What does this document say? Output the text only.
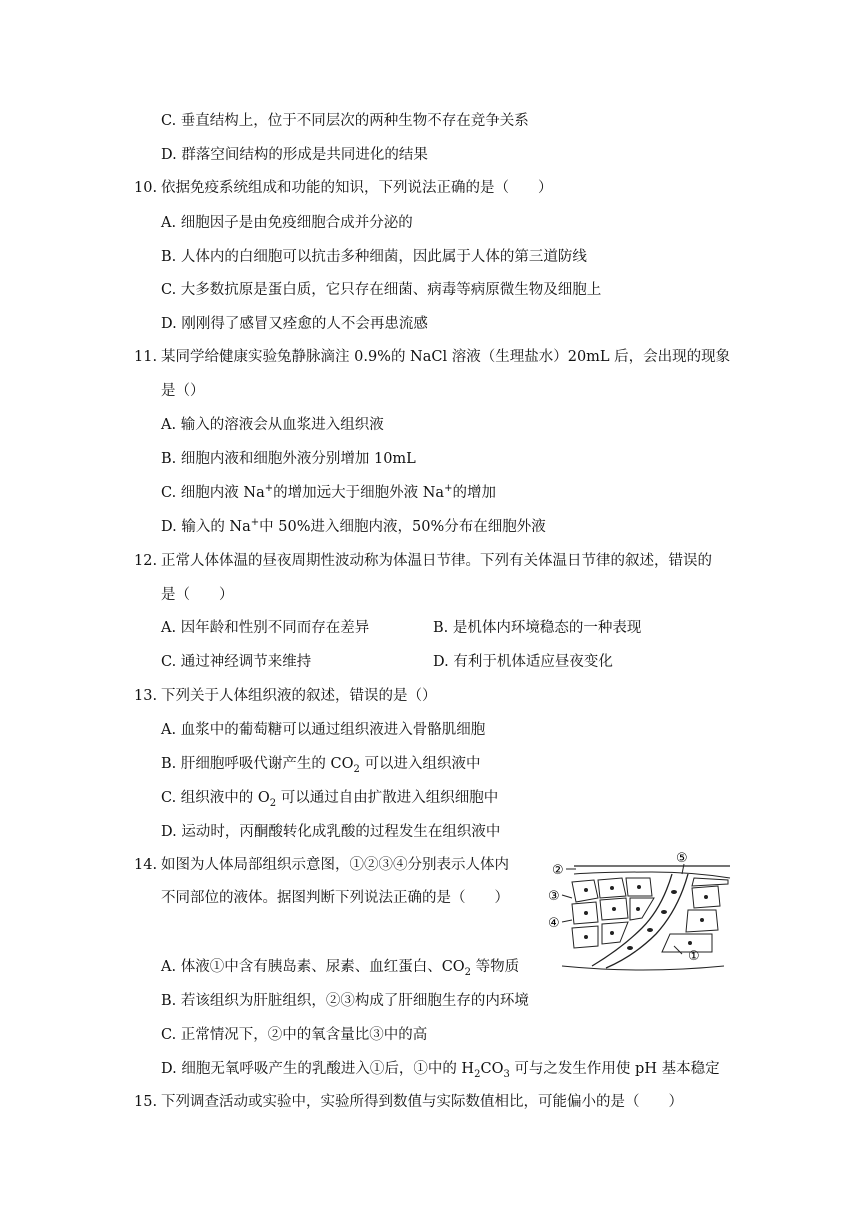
C. 垂直结构上，位于不同层次的两种生物不存在竞争关系
D. 群落空间结构的形成是共同进化的结果
10. 依据免疫系统组成和功能的知识，下列说法正确的是（　　）
A. 细胞因子是由免疫细胞合成并分泌的
B. 人体内的白细胞可以抗击多种细菌，因此属于人体的第三道防线
C. 大多数抗原是蛋白质，它只存在细菌、病毒等病原微生物及细胞上
D. 刚刚得了感冒又痊愈的人不会再患流感
11. 某同学给健康实验兔静脉滴注 0.9%的 NaCl 溶液（生理盐水）20mL 后，会出现的现象
是（）
A. 输入的溶液会从血浆进入组织液
B. 细胞内液和细胞外液分别增加 10mL
C. 细胞内液 Na+的增加远大于细胞外液 Na+的增加
D. 输入的 Na+中 50%进入细胞内液，50%分布在细胞外液
12. 正常人体体温的昼夜周期性波动称为体温日节律。下列有关体温日节律的叙述，错误的
是（　　）
A. 因年龄和性别不同而存在差异	B. 是机体内环境稳态的一种表现
C. 通过神经调节来维持	D. 有利于机体适应昼夜变化
13. 下列关于人体组织液的叙述，错误的是（）
A. 血浆中的葡萄糖可以通过组织液进入骨骼肌细胞
B. 肝细胞呼吸代谢产生的 $CO_2$ 可以进入组织液中
C. 组织液中的 $O_2$ 可以通过自由扩散进入组织细胞中
D. 运动时，丙酮酸转化成乳酸的过程发生在组织液中
14. 如图为人体局部组织示意图，①②③④分别表示人体内
不同部位的液体。据图判断下列说法正确的是（　　）
②
③
④
⑤
①
A. 体液①中含有胰岛素、尿素、血红蛋白、$CO_2$ 等物质
B. 若该组织为肝脏组织，②③构成了肝细胞生存的内环境
C. 正常情况下，②中的氧含量比③中的高
D. 细胞无氧呼吸产生的乳酸进入①后，①中的 $H_2CO_3$ 可与之发生作用使 pH 基本稳定
15. 下列调查活动或实验中，实验所得到数值与实际数值相比，可能偏小的是（　　）
